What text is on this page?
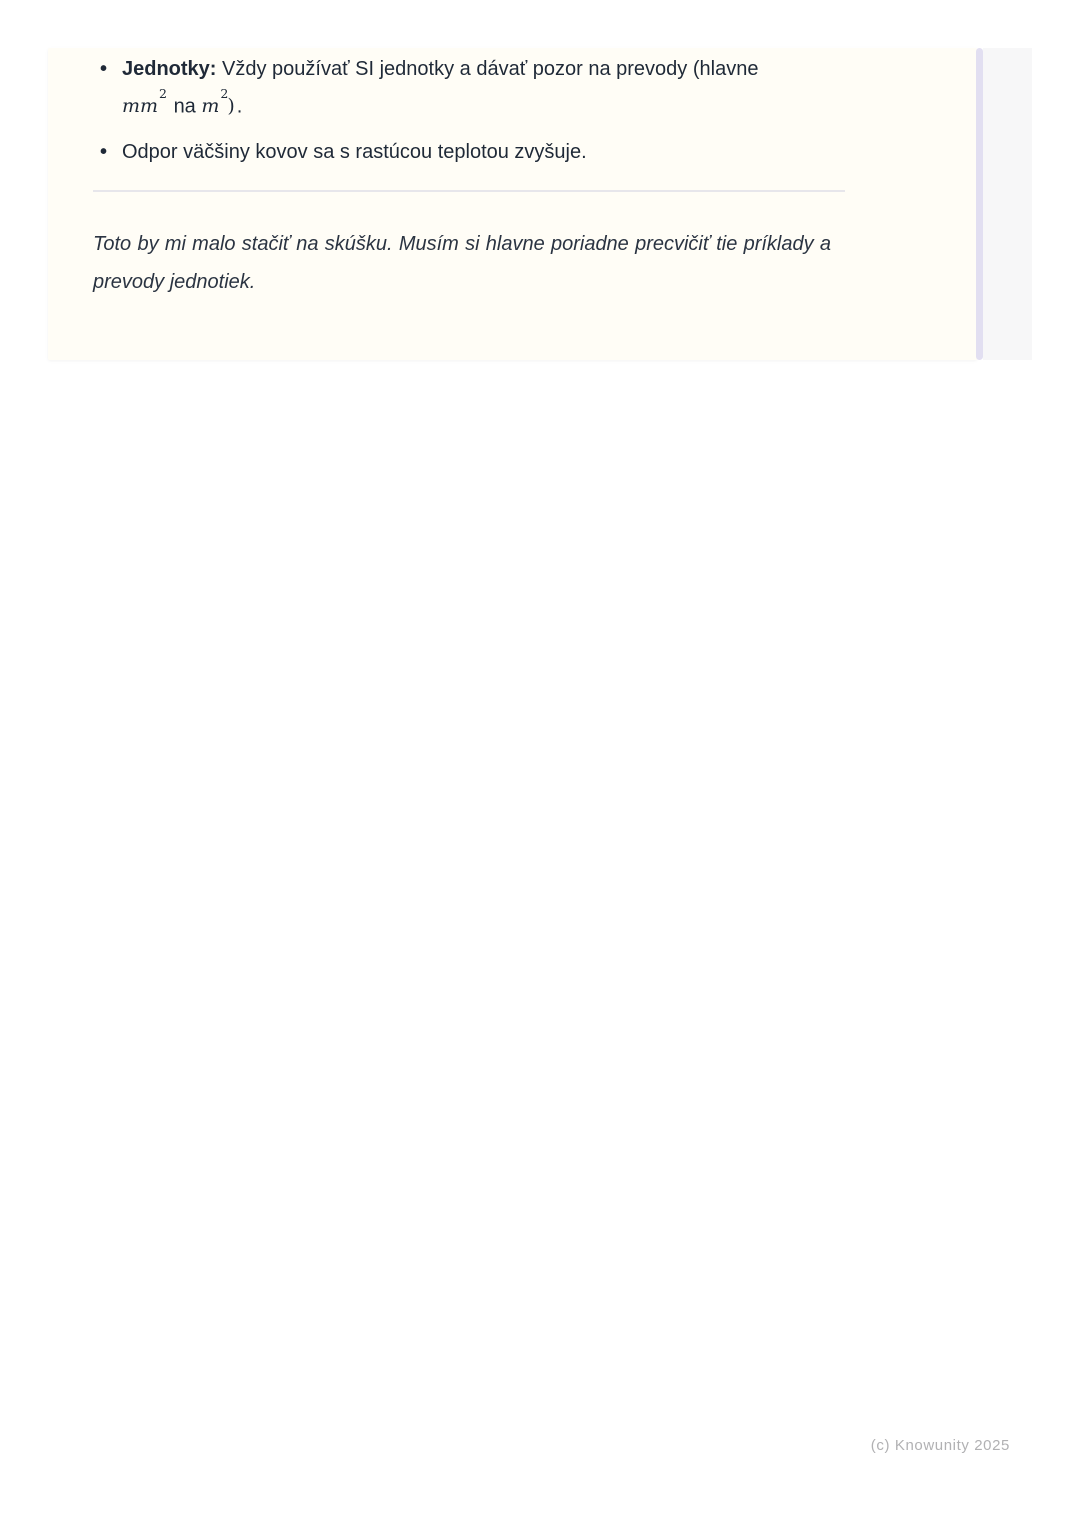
• Jednotky: Vždy používať SI jednotky a dávať pozor na prevody (hlavne
$mm^2$ na $m^2$) .
• Odpor väčšiny kovov sa s rastúcou teplotou zvyšuje.

Toto by mi malo stačiť na skúšku. Musím si hlavne poriadne precvičiť tie príklady a prevody jednotiek.

(c) Knowunity 2025
